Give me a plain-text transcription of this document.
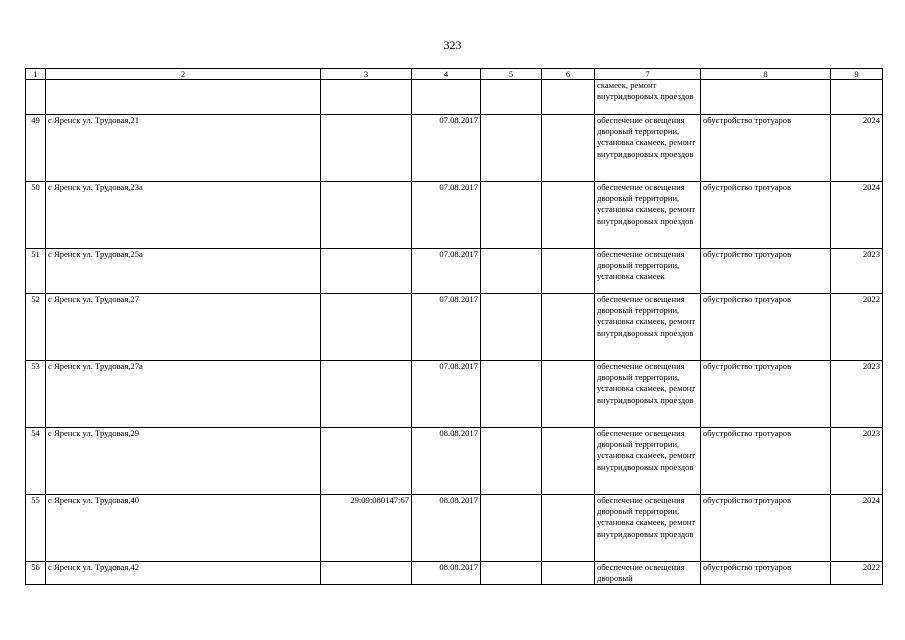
323
1	2	3	4	5	6	7	8	9
						скамеек, ремонт внутридворовых проездов		
49	с Яренск ул. Трудовая,21		07.08.2017			обеспечение освещения дворовый территории, установка скамеек, ремонт внутридворовых проездов	обустройство тротуаров	2024
50	с Яренск ул. Трудовая,23а		07.08.2017			обеспечение освещения дворовый территории, установка скамеек, ремонт внутридворовых проездов	обустройство тротуаров	2024
51	с Яренск ул. Трудовая,25а		07.08.2017			обеспечение освещения дворовый территории, установка скамеек	обустройство тротуаров	2023
52	с Яренск ул. Трудовая,27		07.08.2017			обеспечение освещения дворовый территории, установка скамеек, ремонт внутридворовых проездов	обустройство тротуаров	2022
53	с Яренск ул. Трудовая,27а		07.08.2017			обеспечение освещения дворовый территории, установка скамеек, ремонт внутридворовых проездов	обустройство тротуаров	2023
54	с Яренск ул. Трудовая,29		08.08.2017			обеспечение освещения дворовый территории, установка скамеек, ремонт внутридворовых проездов	обустройство тротуаров	2023
55	с Яренск ул. Трудовая,40	29:09:080147:67	08.08.2017			обеспечение освещения дворовый территории, установка скамеек, ремонт внутридворовых проездов	обустройство тротуаров	2024
56	с Яренск ул. Трудовая,42		08.08.2017			обеспечение освещения дворовый	обустройство тротуаров	2022
